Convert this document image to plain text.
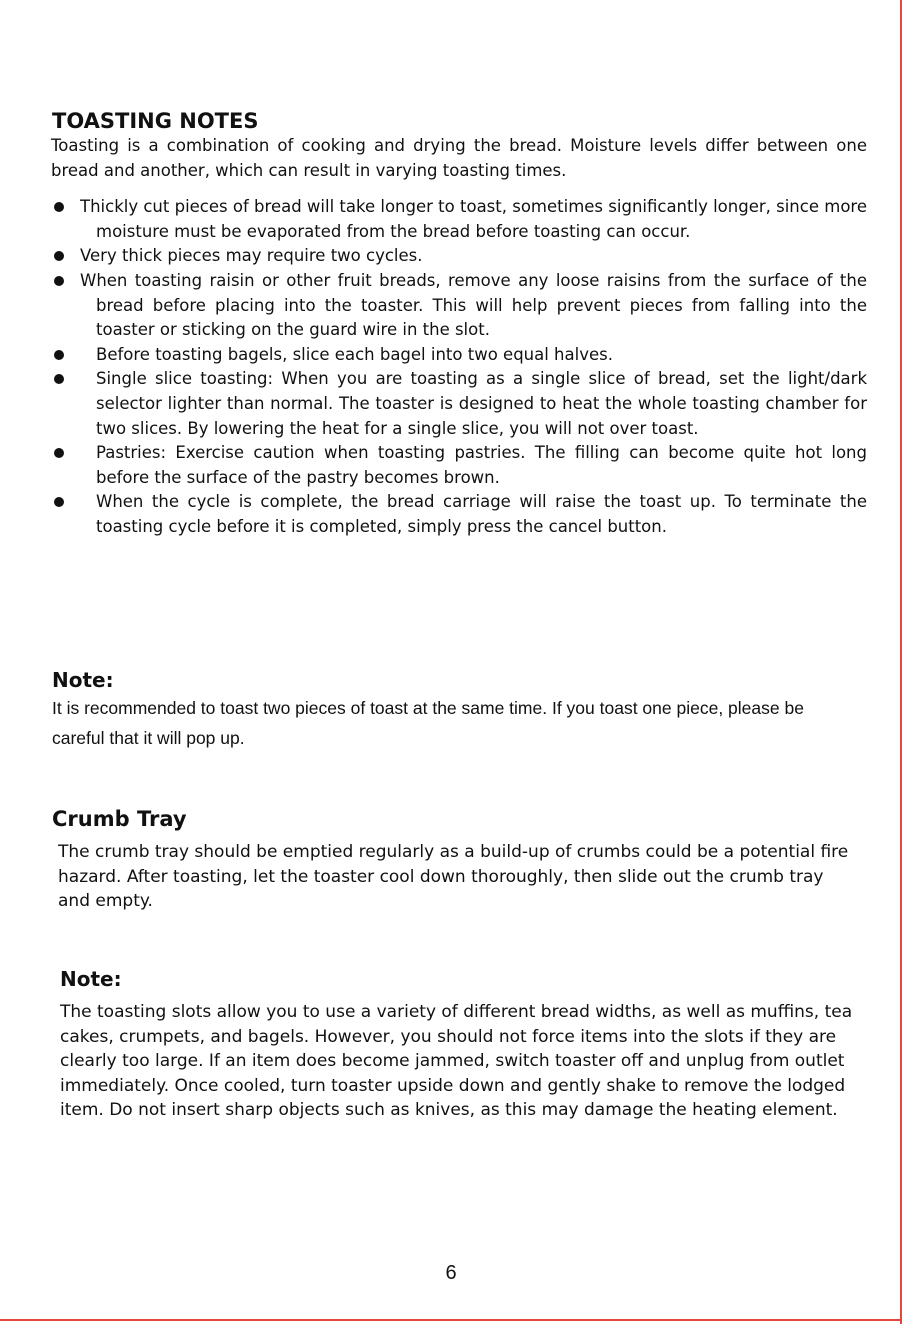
TOASTING NOTES

Toasting is a combination of cooking and drying the bread. Moisture levels differ between one bread and another, which can result in varying toasting times.

Thickly cut pieces of bread will take longer to toast, sometimes significantly longer, since more moisture must be evaporated from the bread before toasting can occur.
Very thick pieces may require two cycles.
When toasting raisin or other fruit breads, remove any loose raisins from the surface of the bread before placing into the toaster. This will help prevent pieces from falling into the toaster or sticking on the guard wire in the slot.
Before toasting bagels, slice each bagel into two equal halves.
Single slice toasting: When you are toasting as a single slice of bread, set the light/dark selector lighter than normal. The toaster is designed to heat the whole toasting chamber for two slices. By lowering the heat for a single slice, you will not over toast.
Pastries: Exercise caution when toasting pastries. The filling can become quite hot long before the surface of the pastry becomes brown.
When the cycle is complete, the bread carriage will raise the toast up. To terminate the toasting cycle before it is completed, simply press the cancel button.
Note:

It is recommended to toast two pieces of toast at the same time. If you toast one piece, please be careful that it will pop up.

Crumb Tray

The crumb tray should be emptied regularly as a build-up of crumbs could be a potential fire hazard. After toasting, let the toaster cool down thoroughly, then slide out the crumb tray and empty.

Note:

The toasting slots allow you to use a variety of different bread widths, as well as muffins, tea cakes, crumpets, and bagels. However, you should not force items into the slots if they are clearly too large. If an item does become jammed, switch toaster off and unplug from outlet immediately. Once cooled, turn toaster upside down and gently shake to remove the lodged item. Do not insert sharp objects such as knives, as this may damage the heating element.

6
